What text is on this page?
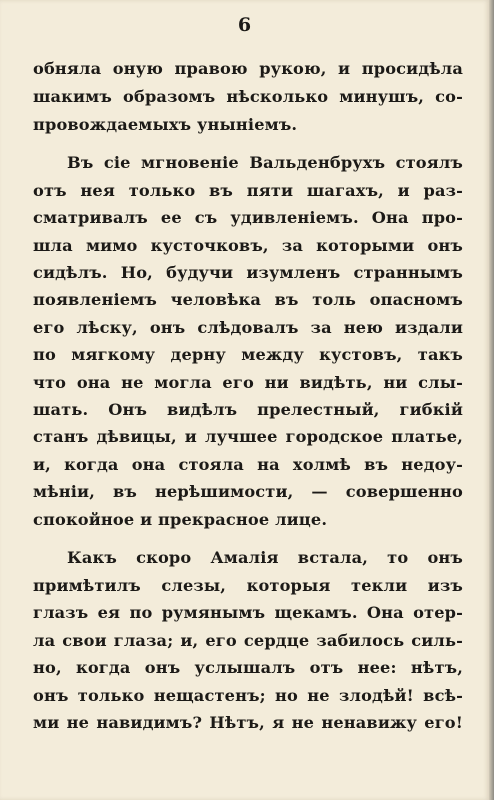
6
обняла оную правою рукою, и просидѣла
шакимъ образомъ нѣсколько минушъ, со-
провождаемыхъ уныніемъ.
Въ сіе мгновеніе Вальденбрухъ стоялъ
отъ нея только въ пяти шагахъ, и раз-
сматривалъ ее съ удивленіемъ. Она про-
шла мимо кусточковъ, за которыми онъ
сидѣлъ. Но, будучи изумленъ страннымъ
появленіемъ человѣка въ толь опасномъ
его лѣску, онъ слѣдовалъ за нею издали
по мягкому дерну между кустовъ, такъ
что она не могла его ни видѣть, ни слы-
шать. Онъ видѣлъ прелестный, гибкій
станъ дѣвицы, и лучшее городское платье,
и, когда она стояла на холмѣ въ недоу-
мѣніи, въ нерѣшимости, — совершенно
спокойное и прекрасное лице.
Какъ скоро Амалія встала, то онъ
примѣтилъ слезы, которыя текли изъ
глазъ ея по румянымъ щекамъ. Она отер-
ла свои глаза; и, его сердце забилось силь-
но, когда онъ услышалъ отъ нее: нѣтъ,
онъ только нещастенъ; но не злодѣй! всѣ-
ми не навидимъ? Нѣтъ, я не ненавижу его!
